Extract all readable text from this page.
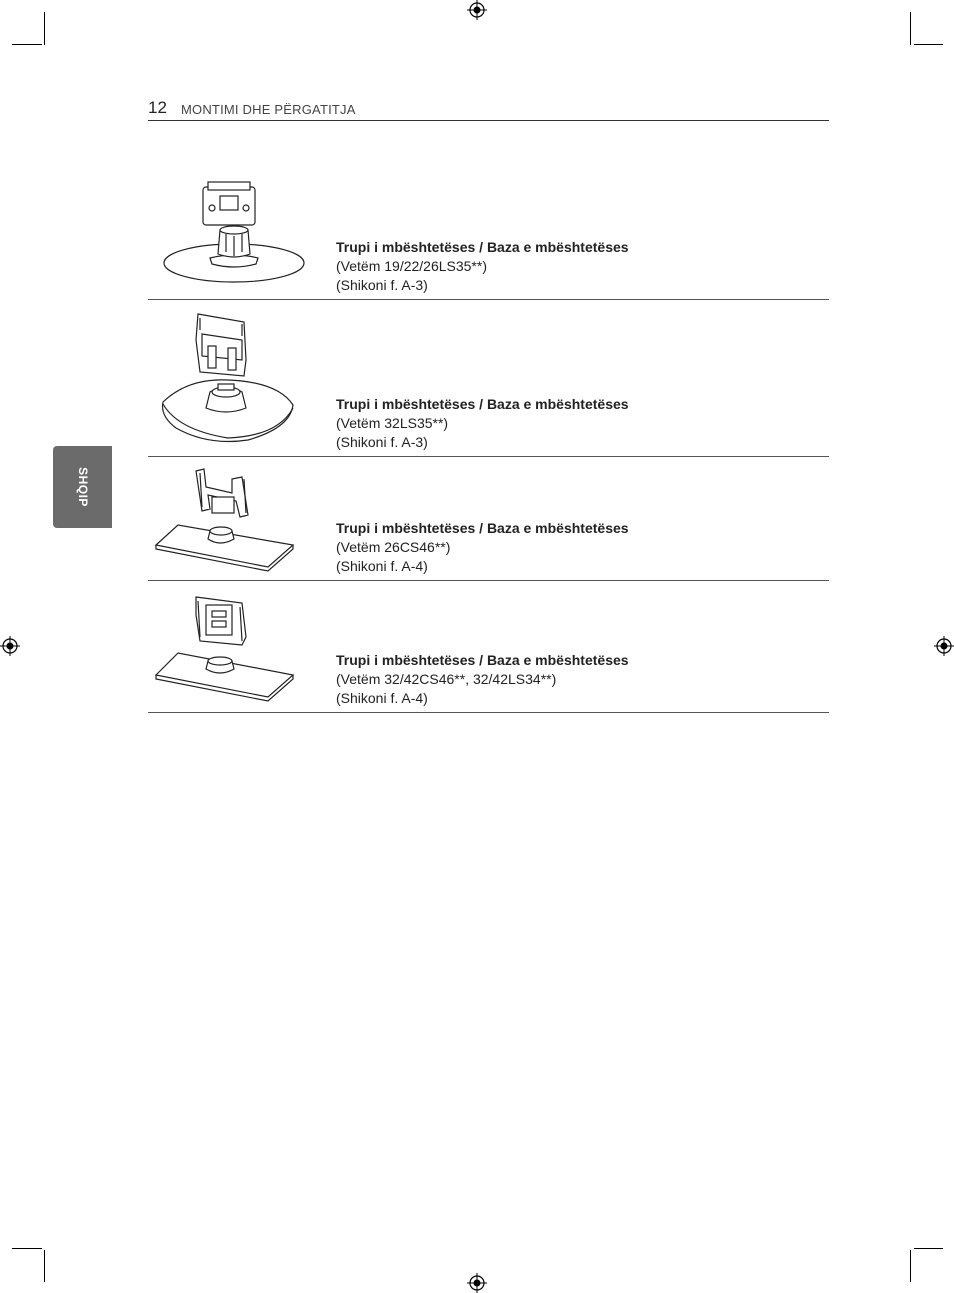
12 MONTIMI DHE PËRGATITJA
SHQIP
Trupi i mbështetëses / Baza e mbështetëses
(Vetëm 19/22/26LS35**)
(Shikoni f. A-3)
Trupi i mbështetëses / Baza e mbështetëses
(Vetëm 32LS35**)
(Shikoni f. A-3)
Trupi i mbështetëses / Baza e mbështetëses
(Vetëm 26CS46**)
(Shikoni f. A-4)
Trupi i mbështetëses / Baza e mbështetëses
(Vetëm 32/42CS46**, 32/42LS34**)
(Shikoni f. A-4)
